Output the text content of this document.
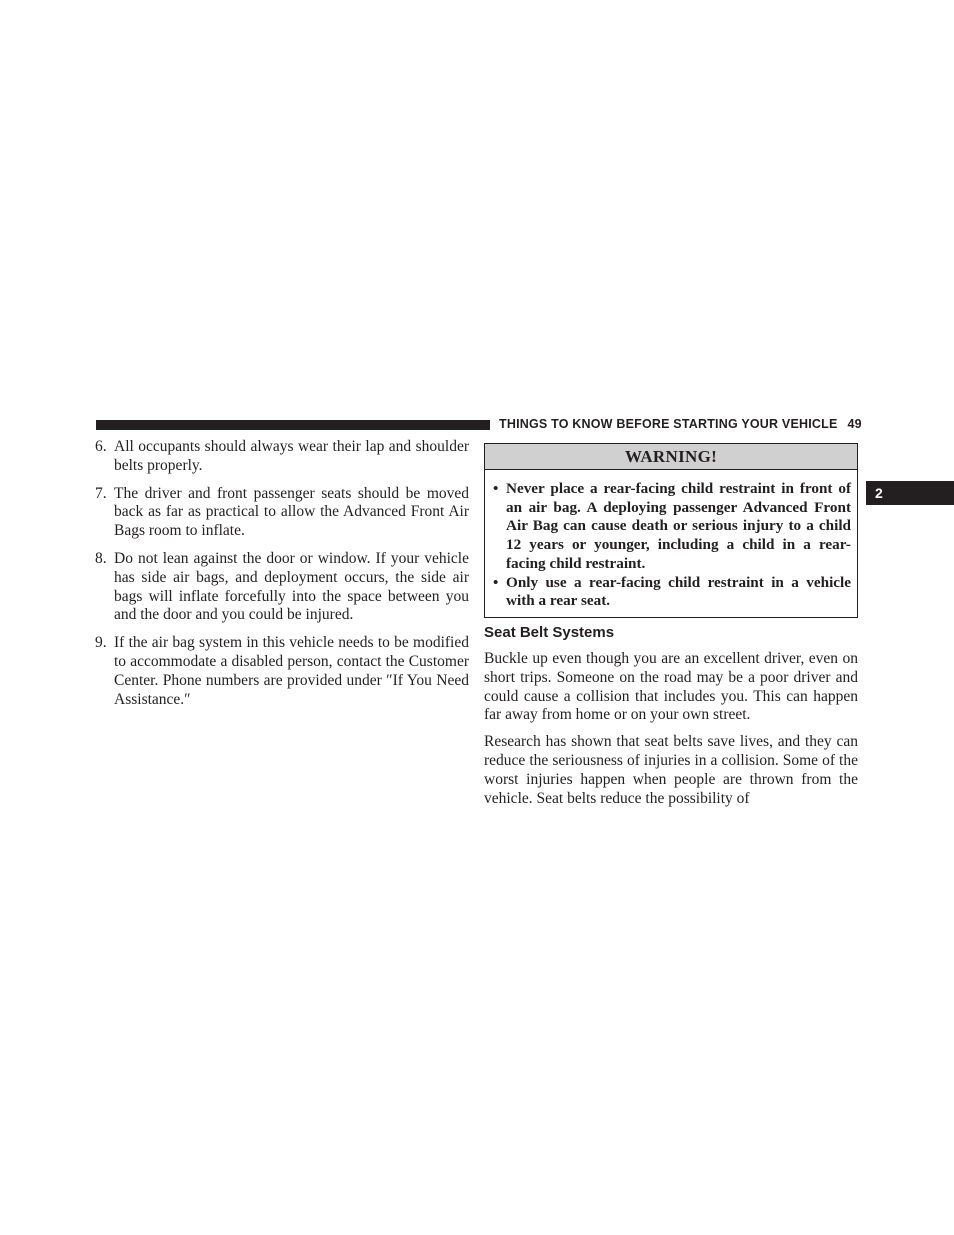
THINGS TO KNOW BEFORE STARTING YOUR VEHICLE 49
2
6. All occupants should always wear their lap and shoulder belts properly.
7. The driver and front passenger seats should be moved back as far as practical to allow the Advanced Front Air Bags room to inflate.
8. Do not lean against the door or window. If your vehicle has side air bags, and deployment occurs, the side air bags will inflate forcefully into the space between you and the door and you could be injured.
9. If the air bag system in this vehicle needs to be modified to accommodate a disabled person, contact the Customer Center. Phone numbers are provided under ″If You Need Assistance.″
WARNING!
• Never place a rear-facing child restraint in front of an air bag. A deploying passenger Advanced Front Air Bag can cause death or serious injury to a child 12 years or younger, including a child in a rear-facing child restraint.
• Only use a rear-facing child restraint in a vehicle with a rear seat.
Seat Belt Systems

Buckle up even though you are an excellent driver, even on short trips. Someone on the road may be a poor driver and could cause a collision that includes you. This can happen far away from home or on your own street.

Research has shown that seat belts save lives, and they can reduce the seriousness of injuries in a collision. Some of the worst injuries happen when people are thrown from the vehicle. Seat belts reduce the possibility of
